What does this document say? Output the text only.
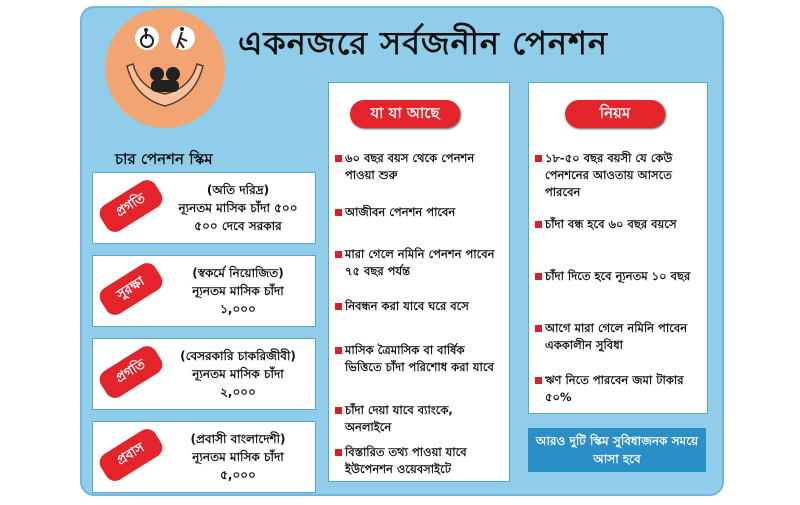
একনজরে সর্বজনীন পেনশন
চার পেনশন স্কিম
প্রগতি
(অতি দরিদ্র)
ন্যূনতম মাসিক চাঁদা ৫০০
৫০০ দেবে সরকার
সুরক্ষা
(স্বকর্মে নিয়োজিত)
ন্যূনতম মাসিক চাঁদা
১,০০০
প্রগতি
(বেসরকারি চাকরিজীবী)
ন্যূনতম মাসিক চাঁদা
২,০০০
প্রবাস
(প্রবাসী বাংলাদেশী)
ন্যূনতম মাসিক চাঁদা
৫,০০০
যা যা আছে
৬০ বছর বয়স থেকে পেনশন পাওয়া শুরু
আজীবন পেনশন পাবেন
মারা গেলে নমিনি পেনশন পাবেন ৭৫ বছর পর্যন্ত
নিবন্ধন করা যাবে ঘরে বসে
মাসিক ত্রৈমাসিক বা বার্ষিক ভিত্তিতে চাঁদা পরিশোধ করা যাবে
চাঁদা দেয়া যাবে ব্যাংকে, অনলাইনে
বিস্তারিত তথ্য পাওয়া যাবে ইউপেনশন ওয়েবসাইটে
নিয়ম
১৮-৫০ বছর বয়সী যে কেউ পেনশনের আওতায় আসতে পারবেন
চাঁদা বন্ধ হবে ৬০ বছর বয়সে
চাঁদা দিতে হবে ন্যূনতম ১০ বছর
আগে মারা গেলে নমিনি পাবেন এককালীন সুবিধা
ঋণ নিতে পারবেন জমা টাকার ৫০%
আরও দুটি স্কিম সুবিধাজনক সময়ে আসা হবে
